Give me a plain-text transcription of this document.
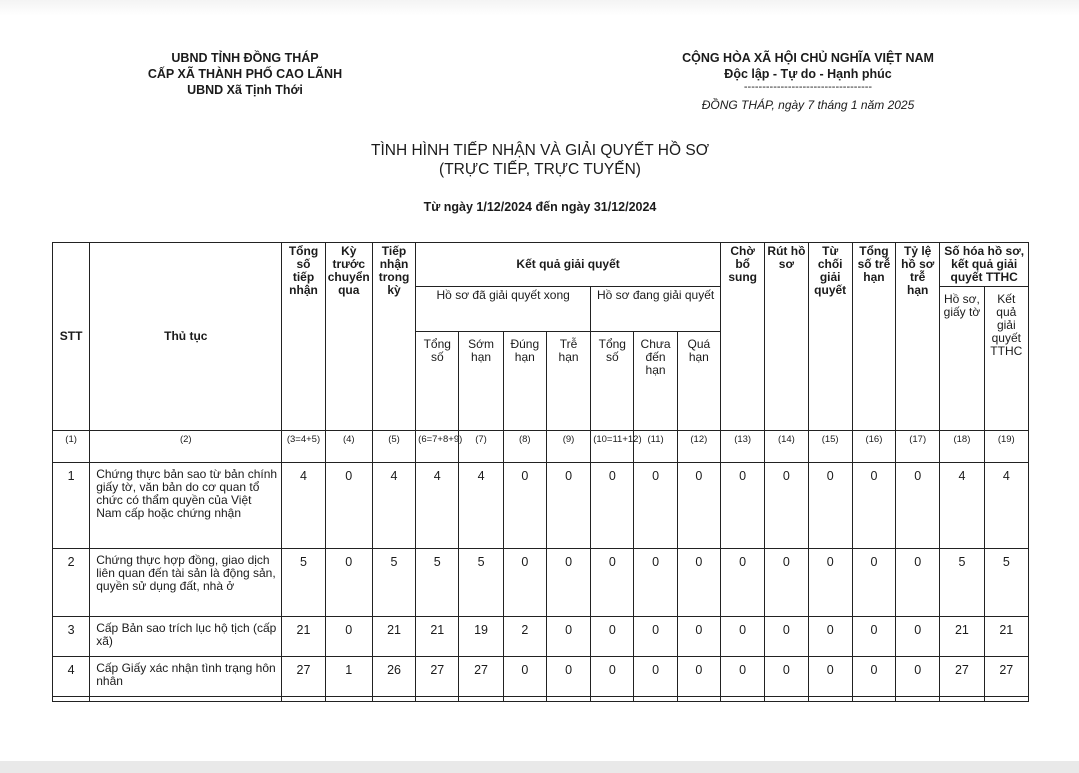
UBND TỈNH ĐỒNG THÁP
CẤP XÃ THÀNH PHỐ CAO LÃNH
UBND Xã Tịnh Thới
CỘNG HÒA XÃ HỘI CHỦ NGHĨA VIỆT NAM
Độc lập - Tự do - Hạnh phúc
-----------------------------------
ĐỒNG THÁP, ngày 7 tháng 1 năm 2025
TÌNH HÌNH TIẾP NHẬN VÀ GIẢI QUYẾT HỒ SƠ
(TRỰC TIẾP, TRỰC TUYẾN)
Từ ngày 1/12/2024 đến ngày 31/12/2024
STT	Thủ tục	Tổng số tiếp nhận	Kỳ trước chuyển qua	Tiếp nhận trong kỳ	Kết quả giải quyết							Chờ bổ sung	Rút hồ sơ	Từ chối giải quyết	Tổng số trễ hạn	Tỷ lệ hồ sơ trễ hạn	Số hóa hồ sơ, kết quả giải quyết TTHC	
					Hồ sơ đã giải quyết xong				Hồ sơ đang giải quyết								Hồ sơ, giấy tờ	Kết quả giải quyết TTHC
					Tổng số	Sớm hạn	Đúng hạn	Trễ hạn	Tổng số	Chưa đến hạn	Quá hạn							
(1)	(2)	(3=4+5)	(4)	(5)	(6=7+8+9)	(7)	(8)	(9)	(10=11+12)	(11)	(12)	(13)	(14)	(15)	(16)	(17)	(18)	(19)
1	Chứng thực bản sao từ bản chính giấy tờ, văn bản do cơ quan tổ chức có thẩm quyền của Việt Nam cấp hoặc chứng nhận	4	0	4	4	4	0	0	0	0	0	0	0	0	0	0	4	4
2	Chứng thực hợp đồng, giao dịch liên quan đến tài sản là động sản, quyền sử dụng đất, nhà ở	5	0	5	5	5	0	0	0	0	0	0	0	0	0	0	5	5
3	Cấp Bản sao trích lục hộ tịch (cấp xã)	21	0	21	21	19	2	0	0	0	0	0	0	0	0	0	21	21
4	Cấp Giấy xác nhận tình trạng hôn nhân	27	1	26	27	27	0	0	0	0	0	0	0	0	0	0	27	27
